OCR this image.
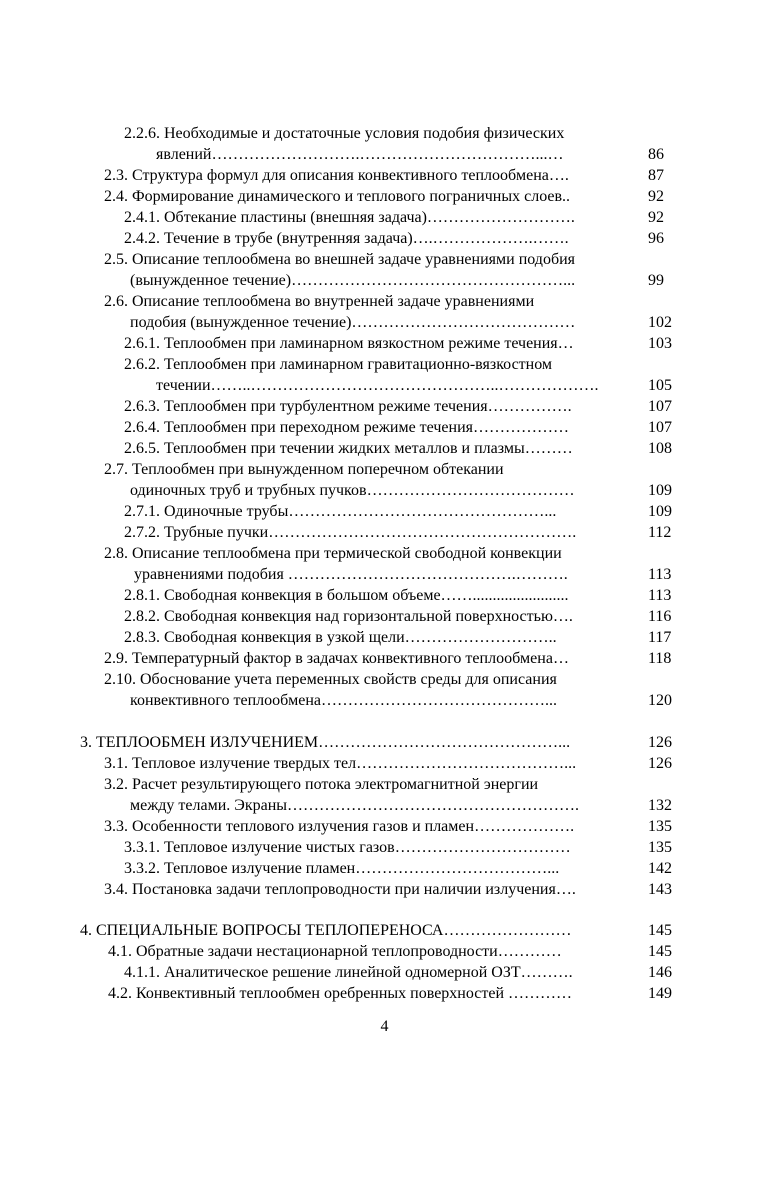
2.2.6. Необходимые и достаточные условия подобия физических
явлений……………………….……………………………...…	86
2.3. Структура формул для описания конвективного теплообмена….	87
2.4. Формирование динамического и теплового пограничных слоев..	92
2.4.1. Обтекание пластины (внешняя задача)……………………….	92
2.4.2. Течение в трубе (внутренняя задача)….……………….…….	96
2.5. Описание теплообмена во внешней задаче уравнениями подобия
(вынужденное течение)……………………………………………...	99
2.6. Описание теплообмена во внутренней задаче уравнениями
подобия (вынужденное течение)……………………………………	102
2.6.1. Теплообмен при ламинарном вязкостном режиме течения…	103
2.6.2. Теплообмен при ламинарном гравитационно-вязкостном
течении……..………………………………………..……………….	105
2.6.3. Теплообмен при турбулентном режиме течения…………….	107
2.6.4. Теплообмен при переходном режиме течения………………	107
2.6.5. Теплообмен при течении жидких металлов и плазмы………	108
2.7. Теплообмен при вынужденном поперечном обтекании
одиночных труб и трубных пучков…………………………………	109
2.7.1. Одиночные трубы…………………………………………...	109
2.7.2. Трубные пучки………………………………………………….	112
2.8. Описание теплообмена при термической свободной конвекции
уравнениями подобия …………………………………….……….	113
2.8.1. Свободная конвекция в большом объеме……........................	113
2.8.2. Свободная конвекция над горизонтальной поверхностью….	116
2.8.3. Свободная конвекция в узкой щели………………………..	117
2.9. Температурный фактор в задачах конвективного теплообмена…	118
2.10. Обоснование учета переменных свойств среды для описания
конвективного теплообмена……………………………………...	120
3. ТЕПЛООБМЕН ИЗЛУЧЕНИЕМ………………………………………...	126
3.1. Тепловое излучение твердых тел…………………………………...	126
3.2. Расчет результирующего потока электромагнитной энергии
между телами. Экраны……………………………………………….	132
3.3. Особенности теплового излучения газов и пламен……………….	135
3.3.1. Тепловое излучение чистых газов……………………………	135
3.3.2. Тепловое излучение пламен………………………………...	142
3.4. Постановка задачи теплопроводности при наличии излучения….	143
4. СПЕЦИАЛЬНЫЕ ВОПРОСЫ ТЕПЛОПЕРЕНОСА……………………	145
4.1. Обратные задачи нестационарной теплопроводности…………	145
4.1.1. Аналитическое решение линейной одномерной ОЗТ……….	146
4.2. Конвективный теплообмен оребренных поверхностей …………	149
4
